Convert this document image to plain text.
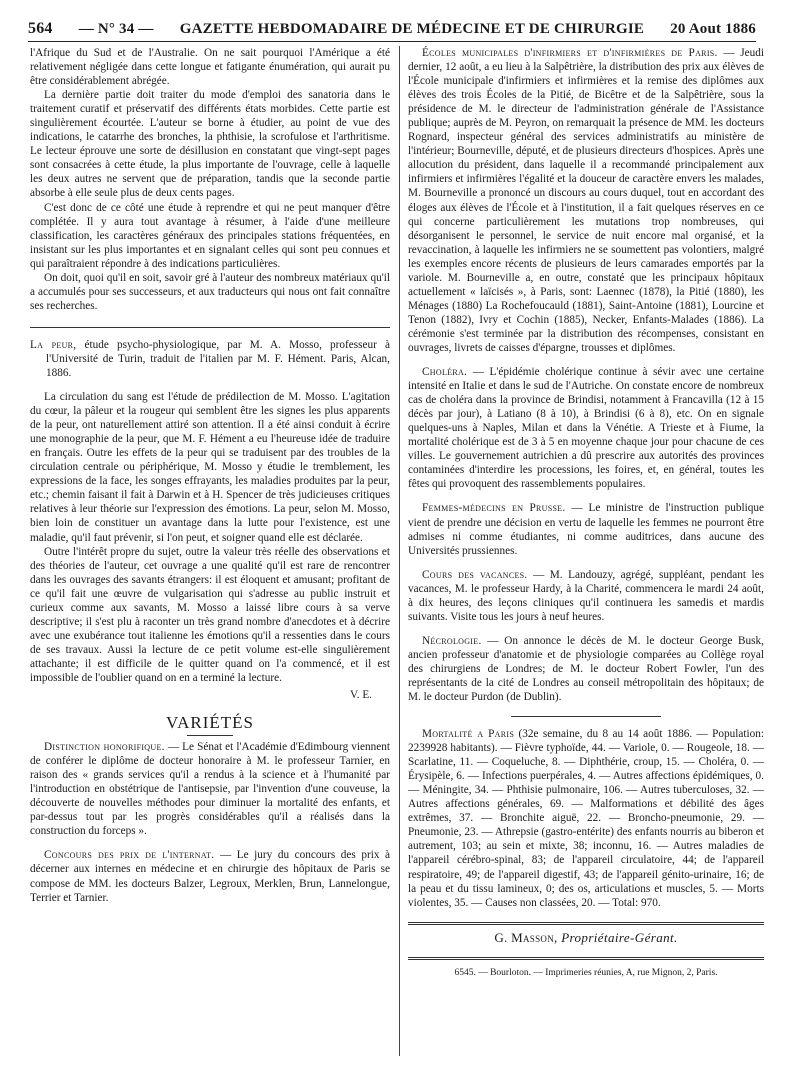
564 — N° 34 — GAZETTE HEBDOMADAIRE DE MÉDECINE ET DE CHIRURGIE 20 Aout 1886

l'Afrique du Sud et de l'Australie. On ne sait pourquoi l'Amérique a été relativement négligée dans cette longue et fatigante énumération, qui aurait pu être considérablement abrégée.

La dernière partie doit traiter du mode d'emploi des sanatoria dans le traitement curatif et préservatif des différents états morbides. Cette partie est singulièrement écourtée. L'auteur se borne à étudier, au point de vue des indications, le catarrhe des bronches, la phthisie, la scrofulose et l'arthritisme. Le lecteur éprouve une sorte de désillusion en constatant que vingt-sept pages sont consacrées à cette étude, la plus importante de l'ouvrage, celle à laquelle les deux autres ne servent que de préparation, tandis que la seconde partie absorbe à elle seule plus de deux cents pages.

C'est donc de ce côté une étude à reprendre et qui ne peut manquer d'être complétée. Il y aura tout avantage à résumer, à l'aide d'une meilleure classification, les caractères généraux des principales stations fréquentées, en insistant sur les plus importantes et en signalant celles qui sont peu connues et qui paraîtraient répondre à des indications particulières.

On doit, quoi qu'il en soit, savoir gré à l'auteur des nombreux matériaux qu'il a accumulés pour ses successeurs, et aux traducteurs qui nous ont fait connaître ses recherches.

La peur, étude psycho-physiologique, par M. A. Mosso, professeur à l'Université de Turin, traduit de l'italien par M. F. Hément. Paris, Alcan, 1886.

La circulation du sang est l'étude de prédilection de M. Mosso. L'agitation du cœur, la pâleur et la rougeur qui semblent être les signes les plus apparents de la peur, ont naturellement attiré son attention. Il a été ainsi conduit à écrire une monographie de la peur, que M. F. Hément a eu l'heureuse idée de traduire en français. Outre les effets de la peur qui se traduisent par des troubles de la circulation centrale ou périphérique, M. Mosso y étudie le tremblement, les expressions de la face, les songes effrayants, les maladies produites par la peur, etc.; chemin faisant il fait à Darwin et à H. Spencer de très judicieuses critiques relatives à leur théorie sur l'expression des émotions. La peur, selon M. Mosso, bien loin de constituer un avantage dans la lutte pour l'existence, est une maladie, qu'il faut prévenir, si l'on peut, et soigner quand elle est déclarée.

Outre l'intérêt propre du sujet, outre la valeur très réelle des observations et des théories de l'auteur, cet ouvrage a une qualité qu'il est rare de rencontrer dans les ouvrages des savants étrangers: il est éloquent et amusant; profitant de ce qu'il fait une œuvre de vulgarisation qui s'adresse au public instruit et curieux comme aux savants, M. Mosso a laissé libre cours à sa verve descriptive; il s'est plu à raconter un très grand nombre d'anecdotes et à décrire avec une exubérance tout italienne les émotions qu'il a ressenties dans le cours de ses travaux. Aussi la lecture de ce petit volume est-elle singulièrement attachante; il est difficile de le quitter quand on l'a commencé, et il est impossible de l'oublier quand on en a terminé la lecture.

V. E.
VARIÉTÉS

Distinction honorifique. — Le Sénat et l'Académie d'Edimbourg viennent de conférer le diplôme de docteur honoraire à M. le professeur Tarnier, en raison des « grands services qu'il a rendus à la science et à l'humanité par l'introduction en obstétrique de l'antisepsie, par l'invention d'une couveuse, la découverte de nouvelles méthodes pour diminuer la mortalité des enfants, et par-dessus tout par les progrès considérables qu'il a réalisés dans la construction du forceps ».

Concours des prix de l'internat. — Le jury du concours des prix à décerner aux internes en médecine et en chirurgie des hôpitaux de Paris se compose de MM. les docteurs Balzer, Legroux, Merklen, Brun, Lannelongue, Terrier et Tarnier.

Écoles municipales d'infirmiers et d'infirmières de Paris. — Jeudi dernier, 12 août, a eu lieu à la Salpêtrière, la distribution des prix aux élèves de l'École municipale d'infirmiers et infirmières et la remise des diplômes aux élèves des trois Écoles de la Pitié, de Bicêtre et de la Salpêtrière, sous la présidence de M. le directeur de l'administration générale de l'Assistance publique; auprès de M. Peyron, on remarquait la présence de MM. les docteurs Rognard, inspecteur général des services administratifs au ministère de l'intérieur; Bourneville, député, et de plusieurs directeurs d'hospices. Après une allocution du président, dans laquelle il a recommandé principalement aux infirmiers et infirmières l'égalité et la douceur de caractère envers les malades, M. Bourneville a prononcé un discours au cours duquel, tout en accordant des éloges aux élèves de l'École et à l'institution, il a fait quelques réserves en ce qui concerne particulièrement les mutations trop nombreuses, qui désorganisent le personnel, le service de nuit encore mal organisé, et la revaccination, à laquelle les infirmiers ne se soumettent pas volontiers, malgré les exemples encore récents de plusieurs de leurs camarades emportés par la variole. M. Bourneville a, en outre, constaté que les principaux hôpitaux actuellement « laïcisés », à Paris, sont: Laennec (1878), la Pitié (1880), les Ménages (1880) La Rochefoucauld (1881), Saint-Antoine (1881), Lourcine et Tenon (1882), Ivry et Cochin (1885), Necker, Enfants-Malades (1886). La cérémonie s'est terminée par la distribution des récompenses, consistant en ouvrages, livrets de caisses d'épargne, trousses et diplômes.

Choléra. — L'épidémie cholérique continue à sévir avec une certaine intensité en Italie et dans le sud de l'Autriche. On constate encore de nombreux cas de choléra dans la province de Brindisi, notamment à Francavilla (12 à 15 décès par jour), à Latiano (8 à 10), à Brindisi (6 à 8), etc. On en signale quelques-uns à Naples, Milan et dans la Vénétie. A Trieste et à Fiume, la mortalité cholérique est de 3 à 5 en moyenne chaque jour pour chacune de ces villes. Le gouvernement autrichien a dû prescrire aux autorités des provinces contaminées d'interdire les processions, les foires, et, en général, toutes les fêtes qui provoquent des rassemblements populaires.

Femmes-médecins en Prusse. — Le ministre de l'instruction publique vient de prendre une décision en vertu de laquelle les femmes ne pourront être admises ni comme étudiantes, ni comme auditrices, dans aucune des Universités prussiennes.

Cours des vacances. — M. Landouzy, agrégé, suppléant, pendant les vacances, M. le professeur Hardy, à la Charité, commencera le mardi 24 août, à dix heures, des leçons cliniques qu'il continuera les samedis et mardis suivants. Visite tous les jours à neuf heures.

Nécrologie. — On annonce le décès de M. le docteur George Busk, ancien professeur d'anatomie et de physiologie comparées au Collège royal des chirurgiens de Londres; de M. le docteur Robert Fowler, l'un des représentants de la cité de Londres au conseil métropolitain des hôpitaux; de M. le docteur Purdon (de Dublin).

Mortalité a Paris (32e semaine, du 8 au 14 août 1886. — Population: 2239928 habitants). — Fièvre typhoïde, 44. — Variole, 0. — Rougeole, 18. — Scarlatine, 11. — Coqueluche, 8. — Diphthérie, croup, 15. — Choléra, 0. — Érysipèle, 6. — Infections puerpérales, 4. — Autres affections épidémiques, 0. — Méningite, 34. — Phthisie pulmonaire, 106. — Autres tuberculoses, 32. — Autres affections générales, 69. — Malformations et débilité des âges extrêmes, 37. — Bronchite aiguë, 22. — Broncho-pneumonie, 29. — Pneumonie, 23. — Athrepsie (gastro-entérite) des enfants nourris au biberon et autrement, 103; au sein et mixte, 38; inconnu, 16. — Autres maladies de l'appareil cérébro-spinal, 83; de l'appareil circulatoire, 44; de l'appareil respiratoire, 49; de l'appareil digestif, 43; de l'appareil génito-urinaire, 16; de la peau et du tissu lamineux, 0; des os, articulations et muscles, 5. — Morts violentes, 35. — Causes non classées, 20. — Total: 970.

G. Masson, Propriétaire-Gérant.
6545. — Bourloton. — Imprimeries réunies, A, rue Mignon, 2, Paris.
